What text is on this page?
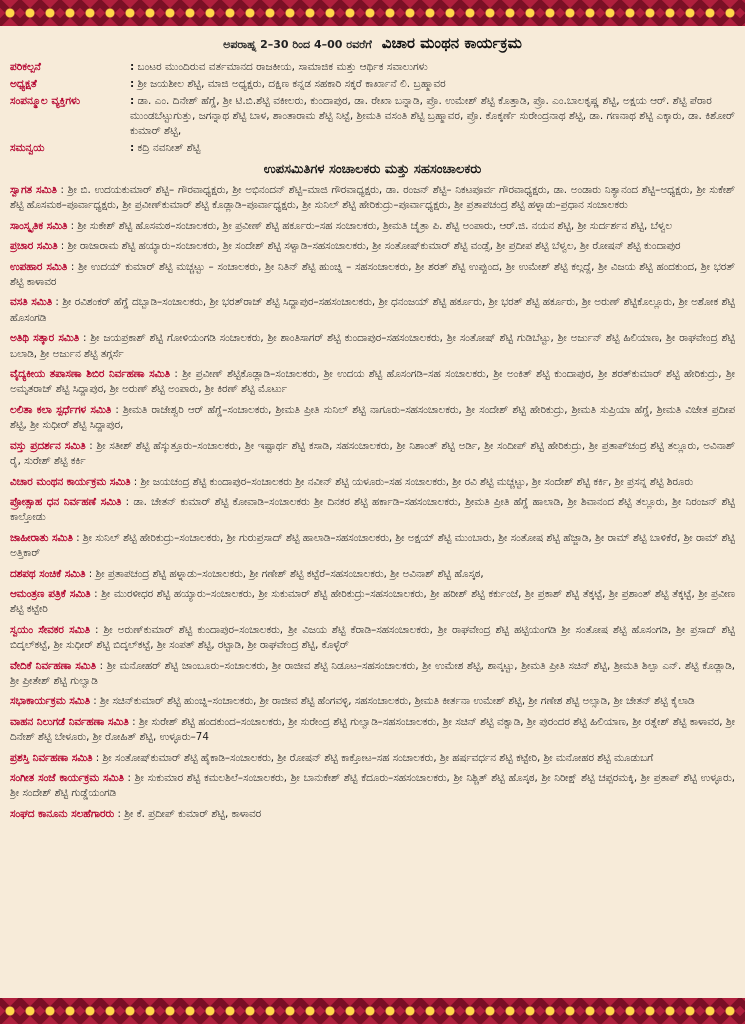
ಅಪರಾಹ್ನ 2–30 ರಿಂದ 4–00 ರವರೆಗೆ ವಿಚಾರ ಮಂಥನ ಕಾರ್ಯಕ್ರಮ
ಪರಿಕಲ್ಪನೆ	: ಬಂಟರ ಮುಂದಿರುವ ವರ್ತಮಾನದ ರಾಜಕೀಯ, ಸಾಮಾಜಿಕ ಮತ್ತು ಆರ್ಥಿಕ ಸವಾಲುಗಳು
ಅಧ್ಯಕ್ಷತೆ	: ಶ್ರೀ ಜಯಶೀಲ ಶೆಟ್ಟಿ, ಮಾಜಿ ಅಧ್ಯಕ್ಷರು, ದಕ್ಷಿಣ ಕನ್ನಡ ಸಹಕಾರಿ ಸಕ್ಕರೆ ಕಾರ್ಖಾನೆ ಲಿ. ಬ್ರಹ್ಮಾವರ
ಸಂಪನ್ಮೂಲ ವ್ಯಕ್ತಿಗಳು	: ಡಾ. ಎಂ. ದಿನೇಶ್ ಹೆಗ್ಡೆ, ಶ್ರೀ ಟಿ.ಬಿ.ಶೆಟ್ಟಿ ವಕೀಲರು, ಕುಂದಾಪುರ, ಡಾ. ರೇಖಾ ಬನ್ನಾಡಿ, ಪ್ರೊ. ಉಮೇಶ್ ಶೆಟ್ಟಿ ಕೊತ್ತಾಡಿ, ಪ್ರೊ. ಎಂ.ಬಾಲಕೃಷ್ಣ ಶೆಟ್ಟಿ, ಅಕ್ಷಯ ಆರ್. ಶೆಟ್ಟಿ ಪೆರಾರ ಮುಂಡಬೆಟ್ಟುಗುತ್ತು, ಜಗನ್ನಾಥ ಶೆಟ್ಟಿ ಬಾಳ, ಶಾಂತಾರಾಮ ಶೆಟ್ಟಿ ನಿಟ್ಟೆ, ಶ್ರೀಮತಿ ವಸಂತಿ ಶೆಟ್ಟಿ ಬ್ರಹ್ಮಾವರ, ಪ್ರೊ. ಕೊಕ್ಕರ್ಣೆ ಸುರೇಂದ್ರನಾಥ ಶೆಟ್ಟಿ, ಡಾ. ಗಣನಾಥ ಶೆಟ್ಟಿ ಎಕ್ಕಾರು, ಡಾ. ಕಿಶೋರ್ ಕುಮಾರ್ ಶೆಟ್ಟಿ,
ಸಮನ್ವಯ	: ಕದ್ರಿ ನವನೀತ್ ಶೆಟ್ಟಿ
ಉಪಸಮಿತಿಗಳ ಸಂಚಾಲಕರು ಮತ್ತು ಸಹಸಂಚಾಲಕರು
ಸ್ವಾಗತ ಸಮಿತಿ : ಶ್ರೀ ಬಿ. ಉದಯಕುಮಾರ್ ಶೆಟ್ಟಿ– ಗೌರವಾಧ್ಯಕ್ಷರು, ಶ್ರೀ ಅಭಿನಂದನ್ ಶೆಟ್ಟಿ–ಮಾಜಿ ಗೌರವಾಧ್ಯಕ್ಷರು, ಡಾ. ರಂಜನ್ ಶೆಟ್ಟಿ– ನಿಕಟಪೂರ್ವ ಗೌರವಾಧ್ಯಕ್ಷರು, ಡಾ. ಅಂಡಾರು ನಿತ್ಯಾನಂದ ಶೆಟ್ಟಿ–ಅಧ್ಯಕ್ಷರು, ಶ್ರೀ ಸುಕೇಶ್ ಶೆಟ್ಟಿ ಹೊಸಮಠ–ಪೂರ್ವಾಧ್ಯಕ್ಷರು, ಶ್ರೀ ಪ್ರವೀಣ್‌ಕುಮಾರ್ ಶೆಟ್ಟಿ ಕೊಡ್ಲಾಡಿ–ಪೂರ್ವಾಧ್ಯಕ್ಷರು, ಶ್ರೀ ಸುನಿಲ್ ಶೆಟ್ಟಿ ಹೇರಿಕುದ್ರು–ಪೂರ್ವಾಧ್ಯಕ್ಷರು, ಶ್ರೀ ಪ್ರತಾಪಚಂದ್ರ ಶೆಟ್ಟಿ ಹಳ್ನಾಡು–ಪ್ರಧಾನ ಸಂಚಾಲಕರು
ಸಾಂಸ್ಕೃತಿಕ ಸಮಿತಿ : ಶ್ರೀ ಸುಕೇಶ್ ಶೆಟ್ಟಿ ಹೊಸಮಠ–ಸಂಚಾಲಕರು, ಶ್ರೀ ಪ್ರವೀಣ್ ಶೆಟ್ಟಿ ಹರ್ಕೂರು–ಸಹ ಸಂಚಾಲಕರು, ಶ್ರೀಮತಿ ಚೈತ್ರಾ ಪಿ. ಶೆಟ್ಟಿ ಅಂಪಾರು, ಆರ್.ಜಿ. ನಯನ ಶೆಟ್ಟಿ, ಶ್ರೀ ಸುರ್ದರ್ಶನ ಶೆಟ್ಟಿ, ಬೆಳ್ವಲ
ಪ್ರಚಾರ ಸಮಿತಿ : ಶ್ರೀ ರಾಜಾರಾಮ ಶೆಟ್ಟಿ ಹಯ್ಯಾರು–ಸಂಚಾಲಕರು, ಶ್ರೀ ಸಂದೇಶ್ ಶೆಟ್ಟಿ ಸಳ್ವಾಡಿ–ಸಹಸಂಚಾಲಕರು, ಶ್ರೀ ಸಂತೋಷ್‌ಕುಮಾರ್ ಶೆಟ್ಟಿ ವಂಡ್ಸೆ, ಶ್ರೀ ಪ್ರದೀಪ ಶೆಟ್ಟಿ ಬೆಳ್ವಲ, ಶ್ರೀ ರೋಷನ್ ಶೆಟ್ಟಿ ಕುಂದಾಪುರ
ಉಪಹಾರ ಸಮಿತಿ : ಶ್ರೀ ಉದಯ್ ಕುಮಾರ್ ಶೆಟ್ಟಿ ಮಚ್ಚಟ್ಟು – ಸಂಚಾಲಕರು, ಶ್ರೀ ನಿತಿನ್ ಶೆಟ್ಟಿ ಹುಂಚ್ನಿ – ಸಹಸಂಚಾಲಕರು, ಶ್ರೀ ಶರತ್ ಶೆಟ್ಟಿ ಉಪ್ಪುಂದ, ಶ್ರೀ ಉಮೇಶ್ ಶೆಟ್ಟಿ ಕಲ್ಗದ್ದೆ, ಶ್ರೀ ವಿಜಯ ಶೆಟ್ಟಿ ಹಂದಕುಂದ, ಶ್ರೀ ಭರತ್ ಶೆಟ್ಟಿ ಕಾಳಾವರ
ವಸತಿ ಸಮಿತಿ : ಶ್ರೀ ರವಿಶಂಕರ್ ಹೆಗ್ಡೆ ದಬ್ಬಾಡಿ–ಸಂಚಾಲಕರು, ಶ್ರೀ ಭರತ್‌ರಾಜ್ ಶೆಟ್ಟಿ ಸಿದ್ದಾಪುರ–ಸಹಸಂಚಾಲಕರು, ಶ್ರೀ ಧನಂಜಯ್ ಶೆಟ್ಟಿ ಹರ್ಕೂರು, ಶ್ರೀ ಭರತ್ ಶೆಟ್ಟಿ ಹರ್ಕೂರು, ಶ್ರೀ ಅರುಣ್ ಶೆಟ್ಟಿಕೊಲ್ಲೂರು, ಶ್ರೀ ಅಶೋಕ ಶೆಟ್ಟಿ ಹೊಸಂಗಡಿ
ಅತಿಥಿ ಸತ್ಕಾರ ಸಮಿತಿ : ಶ್ರೀ ಜಯಪ್ರಕಾಶ್ ಶೆಟ್ಟಿ ಗೋಳಿಯಂಗಡಿ ಸಂಚಾಲಕರು, ಶ್ರೀ ಶಾಂತಿಸಾಗರ್ ಶೆಟ್ಟಿ ಕುಂದಾಪುರ–ಸಹಸಂಚಾಲಕರು, ಶ್ರೀ ಸಂತೋಷ್ ಶೆಟ್ಟಿ ಗುಡಿಬೆಟ್ಟು, ಶ್ರೀ ಅರ್ಜುನ್ ಶೆಟ್ಟಿ ಹಿಲಿಯಾಣ, ಶ್ರೀ ರಾಘವೇಂದ್ರ ಶೆಟ್ಟಿ ಬಲಾಡಿ, ಶ್ರೀ ಅರ್ಜುನ ಶೆಟ್ಟಿ ತಗ್ಗರ್ಸೆ
ವೈದ್ಯಕೀಯ ತಪಾಸಣಾ ಶಿಬಿರ ನಿರ್ವಹಣಾ ಸಮಿತಿ : ಶ್ರೀ ಪ್ರವೀಣ್ ಶೆಟ್ಟಿಕೊಡ್ಲಾಡಿ–ಸಂಚಾಲಕರು, ಶ್ರೀ ಉದಯ ಶೆಟ್ಟಿ ಹೊಸಂಗಡಿ–ಸಹ ಸಂಚಾಲಕರು, ಶ್ರೀ ಅಂಕಿತ್ ಶೆಟ್ಟಿ ಕುಂದಾಪುರ, ಶ್ರೀ ಶರತ್‌ಕುಮಾರ್ ಶೆಟ್ಟಿ ಹೇರಿಕುದ್ರು, ಶ್ರೀ ಅಮೃತರಾಜ್ ಶೆಟ್ಟಿ ಸಿದ್ದಾಪುರ, ಶ್ರೀ ಅರುಣ್ ಶೆಟ್ಟಿ ಅಂಪಾರು, ಶ್ರೀ ಕಿರಣ್ ಶೆಟ್ಟಿ ಮೊರ್ಟು
ಲಲಿತಾ ಕಲಾ ಸ್ಪರ್ಧೆಗಳ ಸಮಿತಿ : ಶ್ರೀಮತಿ ರಾಜೇಶ್ವರಿ ಆರ್ ಹೆಗ್ಡೆ–ಸಂಚಾಲಕರು, ಶ್ರೀಮತಿ ಪ್ರೀತಿ ಸುನಿಲ್ ಶೆಟ್ಟಿ ನಾಗೂರು–ಸಹಸಂಚಾಲಕರು, ಶ್ರೀ ಸಂದೇಶ್ ಶೆಟ್ಟಿ ಹೇರಿಕುದ್ರು, ಶ್ರೀಮತಿ ಸುಪ್ರಿಯಾ ಹೆಗ್ಡೆ, ಶ್ರೀಮತಿ ವಿಜೇತ ಪ್ರದೀಪ ಶೆಟ್ಟಿ, ಶ್ರೀ ಸುಧೀರ್ ಶೆಟ್ಟಿ ಸಿದ್ದಾಪುರ,
ವಸ್ತು ಪ್ರದರ್ಶನ ಸಮಿತಿ : ಶ್ರೀ ಸತೀಶ್ ಶೆಟ್ಟಿ ಹೆಸ್ಕುತ್ತೂರು–ಸಂಚಾಲಕರು, ಶ್ರೀ ಇಷ್ಟಾರ್ಥ ಶೆಟ್ಟಿ ಕಸಾಡಿ, ಸಹಸಂಚಾಲಕರು, ಶ್ರೀ ನಿಶಾಂತ್ ಶೆಟ್ಟಿ ಅರ್ಡಿ, ಶ್ರೀ ಸಂದೀಪ್ ಶೆಟ್ಟಿ ಹೇರಿಕುದ್ರು, ಶ್ರೀ ಪ್ರತಾಪ್‌ಚಂದ್ರ ಶೆಟ್ಟಿ ತಲ್ಲೂರು, ಅವಿನಾಶ್ ರೈ, ಸುರೇಶ್ ಶೆಟ್ಟಿ ಕರ್ಕಿ
ವಿಚಾರ ಮಂಥನ ಕಾರ್ಯಕ್ರಮ ಸಮಿತಿ : ಶ್ರೀ ಜಯಚಂದ್ರ ಶೆಟ್ಟಿ ಕುಂದಾಪುರ–ಸಂಚಾಲಕರು ಶ್ರೀ ನವೀನ್ ಶೆಟ್ಟಿ ಯಳೂರು–ಸಹ ಸಂಚಾಲಕರು, ಶ್ರೀ ರವಿ ಶೆಟ್ಟಿ ಮಚ್ಚಟ್ಟು, ಶ್ರೀ ಸಂದೇಶ್ ಶೆಟ್ಟಿ ಕರ್ಕಿ, ಶ್ರೀ ಪ್ರಸನ್ನ ಶೆಟ್ಟಿ ಶಿರೂರು
ಪ್ರೋತ್ಸಾಹ ಧನ ನಿರ್ವಹಣೆ ಸಮಿತಿ : ಡಾ. ಚೇತನ್ ಕುಮಾರ್ ಶೆಟ್ಟಿ ಕೋವಾಡಿ–ಸಂಚಾಲಕರು ಶ್ರೀ ದಿನಕರ ಶೆಟ್ಟಿ ಹರ್ಕಾಡಿ–ಸಹಸಂಚಾಲಕರು, ಶ್ರೀಮತಿ ಪ್ರೀತಿ ಹೆಗ್ಡೆ ಹಾಲಾಡಿ, ಶ್ರೀ ಶಿವಾನಂದ ಶೆಟ್ಟಿ ತಲ್ಲೂರು, ಶ್ರೀ ನಿರಂಜನ್ ಶೆಟ್ಟಿ ಕಾಲ್ತೋಡು
ಜಾಹೀರಾತು ಸಮಿತಿ : ಶ್ರೀ ಸುನಿಲ್ ಶೆಟ್ಟಿ ಹೇರಿಕುದ್ರು–ಸಂಚಾಲಕರು, ಶ್ರೀ ಗುರುಪ್ರಸಾದ್ ಶೆಟ್ಟಿ ಹಾಲಾಡಿ–ಸಹಸಂಚಾಲಕರು, ಶ್ರೀ ಅಕ್ಷಯ್ ಶೆಟ್ಟಿ ಮುಂಬಾರು, ಶ್ರೀ ಸಂತೋಷ ಶೆಟ್ಟಿ ಹೆಜ್ಜಾಡಿ, ಶ್ರೀ ರಾಮ್ ಶೆಟ್ಟಿ ಬಾಳಿಕೆರೆ, ಶ್ರೀ ರಾಮ್ ಶೆಟ್ಟಿ ಅತ್ತಿಕಾರ್
ದಶಪಥ ಸಂಚಿಕೆ ಸಮಿತಿ : ಶ್ರೀ ಪ್ರತಾಪಚಂದ್ರ ಶೆಟ್ಟಿ ಹಳ್ನಾಡು–ಸಂಚಾಲಕರು, ಶ್ರೀ ಗಣೇಶ್ ಶೆಟ್ಟಿ ಕಟ್ಟೆರೆ–ಸಹಸಂಚಾಲಕರು, ಶ್ರೀ ಅವಿನಾಶ್ ಶೆಟ್ಟಿ ಹೊಸ್ಕಠ,
ಆಮಂತ್ರಣ ಪತ್ರಿಕೆ ಸಮಿತಿ : ಶ್ರೀ ಮುರಳೀಧರ ಶೆಟ್ಟಿ ಹಯ್ಯಾರು–ಸಂಚಾಲಕರು, ಶ್ರೀ ಸುಕುಮಾರ್ ಶೆಟ್ಟಿ ಹೇರಿಕುದ್ರು–ಸಹಸಂಚಾಲಕರು, ಶ್ರೀ ಹರೀಶ್ ಶೆಟ್ಟಿ ಕರ್ಕುಂಜೆ, ಶ್ರೀ ಪ್ರಕಾಶ್ ಶೆಟ್ಟಿ ತೆಕ್ಕಟ್ಟೆ, ಶ್ರೀ ಪ್ರಶಾಂತ್ ಶೆಟ್ಟಿ ತೆಕ್ಕಟ್ಟೆ, ಶ್ರೀ ಪ್ರವೀಣ ಶೆಟ್ಟಿ ಕಟ್ಟೇರಿ
ಸ್ವಯಂ ಸೇವಕರ ಸಮಿತಿ : ಶ್ರೀ ಅರುಣ್‌ಕುಮಾರ್ ಶೆಟ್ಟಿ ಕುಂದಾಪುರ–ಸಂಚಾಲಕರು, ಶ್ರೀ ವಿಜಯ ಶೆಟ್ಟಿ ಕೆರಾಡಿ–ಸಹಸಂಚಾಲಕರು, ಶ್ರೀ ರಾಘವೇಂದ್ರ ಶೆಟ್ಟಿ ಹಟ್ಟಿಯಂಗಡಿ ಶ್ರೀ ಸಂತೋಷ ಶೆಟ್ಟಿ ಹೊಸಂಗಡಿ, ಶ್ರೀ ಪ್ರಸಾದ್ ಶೆಟ್ಟಿ ಬಿದ್ಕಲ್‌ಕಟ್ಟೆ, ಶ್ರೀ ಸುಧೀರ್ ಶೆಟ್ಟಿ ಬಿದ್ಕಲ್‌ಕಟ್ಟೆ, ಶ್ರೀ ಸಂಪತ್ ಶೆಟ್ಟಿ, ರಟ್ಟಾಡಿ, ಶ್ರೀ ರಾಘವೇಂದ್ರ ಶೆಟ್ಟಿ, ಕೊಳ್ಳೆರ್
ವೇದಿಕೆ ನಿರ್ವಹಣಾ ಸಮಿತಿ : ಶ್ರೀ ಮನೋಹರ್ ಶೆಟ್ಟಿ ಜಾಂಬೂರು–ಸಂಚಾಲಕರು, ಶ್ರೀ ರಾಜೀವ ಶೆಟ್ಟಿ ನಿಡೂಟ–ಸಹಸಂಚಾಲಕರು, ಶ್ರೀ ಉಮೇಶ ಶೆಟ್ಟಿ, ಶಾನ್ಕಟ್ಟು, ಶ್ರೀಮತಿ ಪ್ರೀತಿ ಸಚಿನ್ ಶೆಟ್ಟಿ, ಶ್ರೀಮತಿ ಶಿಲ್ಪಾ ಎನ್. ಶೆಟ್ಟಿ ಕೊಡ್ಲಾಡಿ, ಶ್ರೀ ಪ್ರೀತೇಶ್ ಶೆಟ್ಟಿ ಗುಲ್ವಾಡಿ
ಸಭಾಕಾರ್ಯಕ್ರಮ ಸಮಿತಿ : ಶ್ರೀ ಸಚಿನ್‌ಕುಮಾರ್ ಶೆಟ್ಟಿ ಹುಂಚ್ನಿ–ಸಂಚಾಲಕರು, ಶ್ರೀ ರಾಜೀವ ಶೆಟ್ಟಿ ಹೆಂಗವಳ್ಳಿ, ಸಹಸಂಚಾಲಕರು, ಶ್ರೀಮತಿ ಕೀರ್ತನಾ ಉಮೇಶ್ ಶೆಟ್ಟಿ, ಶ್ರೀ ಗಣೇಶ ಶೆಟ್ಟಿ ಅಲ್ಸಾಡಿ, ಶ್ರೀ ಚೇತನ್ ಶೆಟ್ಟಿ ಕೈಲಾಡಿ
ವಾಹನ ನಿಲುಗಡೆ ನಿರ್ವಹಣಾ ಸಮಿತಿ : ಶ್ರೀ ಸುರೇಶ್ ಶೆಟ್ಟಿ ಹಂದಕುಂದ–ಸಂಚಾಲಕರು, ಶ್ರೀ ಸುರೇಂದ್ರ ಶೆಟ್ಟಿ ಗುಲ್ವಾಡಿ–ಸಹಸಂಚಾಲಕರು, ಶ್ರೀ ಸಚಿನ್ ಶೆಟ್ಟಿ ವಕ್ವಾಡಿ, ಶ್ರೀ ಪುರಂದರ ಶೆಟ್ಟಿ ಹಿಲಿಯಾಣ, ಶ್ರೀ ರತ್ನೇಶ್ ಶೆಟ್ಟಿ ಕಾಳಾವರ, ಶ್ರೀ ದಿನೇಶ್ ಶೆಟ್ಟಿ ಬೇಳೂರು, ಶ್ರೀ ರೋಹಿತ್ ಶೆಟ್ಟಿ, ಉಳ್ಳೂರು–74
ಪ್ರಶಸ್ತಿ ನಿರ್ವಹಣಾ ಸಮಿತಿ : ಶ್ರೀ ಸಂತೋಷ್‌ಕುಮಾರ್ ಶೆಟ್ಟಿ ಹೈಕಾಡಿ–ಸಂಚಾಲಕರು, ಶ್ರೀ ರೋಷನ್ ಶೆಟ್ಟಿ ಕಾಕ್ತೋಟ–ಸಹ ಸಂಚಾಲಕರು, ಶ್ರೀ ಹರ್ಷವರ್ಧನ ಶೆಟ್ಟಿ ಕಟ್ಟೇರಿ, ಶ್ರೀ ಮನೋಹರ ಶೆಟ್ಟಿ ಮೂಡುಬಗೆ
ಸಂಗೀತ ಸಂಜೆ ಕಾರ್ಯಕ್ರಮ ಸಮಿತಿ : ಶ್ರೀ ಸುಕುಮಾರ ಶೆಟ್ಟಿ ಕಮಲಶಿಲೆ–ಸಂಚಾಲಕರು, ಶ್ರೀ ಬಾನುಕೇಶ್ ಶೆಟ್ಟಿ ಕೆದೂರು–ಸಹಸಂಚಾಲಕರು, ಶ್ರೀ ನಿಶ್ಚಿತ್ ಶೆಟ್ಟಿ ಹೊಸ್ಕಠ, ಶ್ರೀ ನಿರೀಕ್ಷ್ ಶೆಟ್ಟಿ ಚಪ್ಪರಮಕ್ಕಿ, ಶ್ರೀ ಪ್ರತಾಪ್ ಶೆಟ್ಟಿ ಉಳ್ಳೂರು, ಶ್ರೀ ಸಂದೇಶ್ ಶೆಟ್ಟಿ ಗುಡ್ಡೆಯಂಗಡಿ
ಸಂಘದ ಕಾನೂನು ಸಲಹೆಗಾರರು : ಶ್ರೀ ಕೆ. ಪ್ರದೀಪ್ ಕುಮಾರ್ ಶೆಟ್ಟಿ, ಕಾಳಾವರ
